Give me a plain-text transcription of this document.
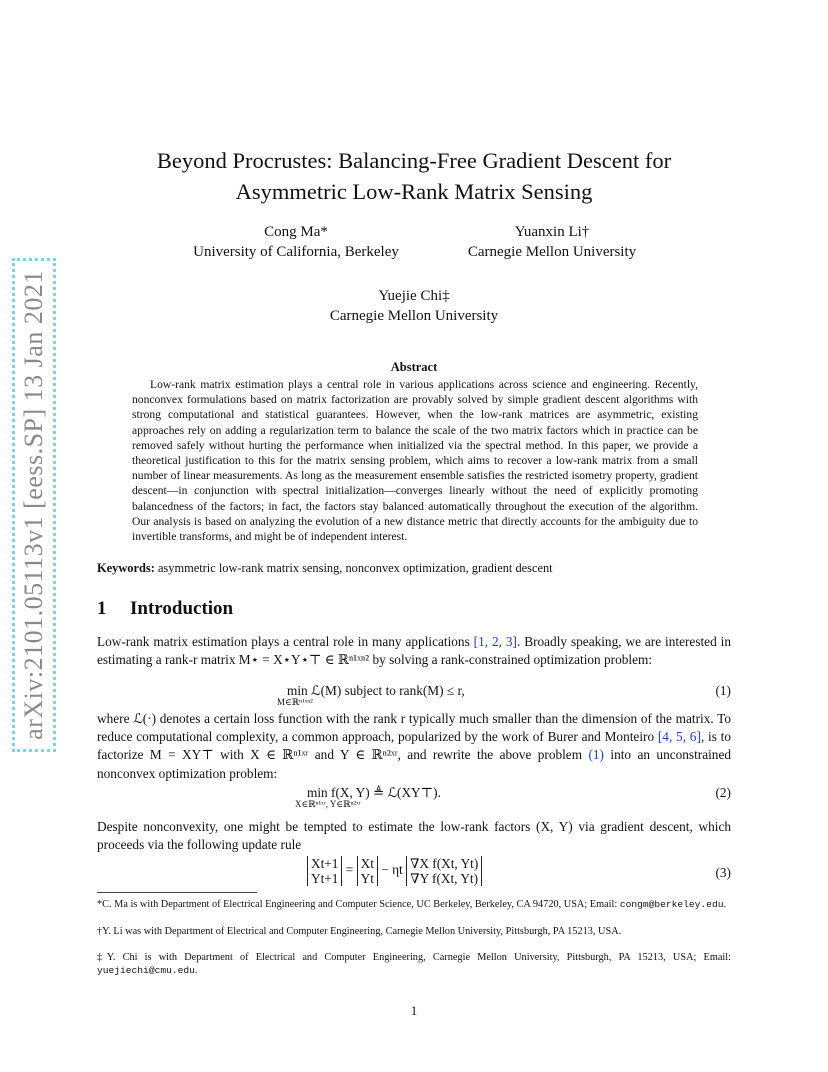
arXiv:2101.05113v1 [eess.SP] 13 Jan 2021
Beyond Procrustes: Balancing-Free Gradient Descent for
Asymmetric Low-Rank Matrix Sensing
Cong Ma*
University of California, Berkeley
Yuanxin Li†
Carnegie Mellon University
Yuejie Chi‡
Carnegie Mellon University
Abstract
Low-rank matrix estimation plays a central role in various applications across science and engineering. Recently, nonconvex formulations based on matrix factorization are provably solved by simple gradient descent algorithms with strong computational and statistical guarantees. However, when the low-rank matrices are asymmetric, existing approaches rely on adding a regularization term to balance the scale of the two matrix factors which in practice can be removed safely without hurting the performance when initialized via the spectral method. In this paper, we provide a theoretical justification to this for the matrix sensing problem, which aims to recover a low-rank matrix from a small number of linear measurements. As long as the measurement ensemble satisfies the restricted isometry property, gradient descent—in conjunction with spectral initialization—converges linearly without the need of explicitly promoting balancedness of the factors; in fact, the factors stay balanced automatically throughout the execution of the algorithm. Our analysis is based on analyzing the evolution of a new distance metric that directly accounts for the ambiguity due to invertible transforms, and might be of independent interest.
Keywords: asymmetric low-rank matrix sensing, nonconvex optimization, gradient descent
1 Introduction
Low-rank matrix estimation plays a central role in many applications [1, 2, 3]. Broadly speaking, we are interested in estimating a rank-r matrix M⋆ = X⋆Y⋆⊤ ∈ ℝⁿ¹ˣⁿ² by solving a rank-constrained optimization problem:
min ℒ(M) subject to rank(M) ≤ r,
M∈ℝⁿ¹ˣⁿ²
(1)
where ℒ(·) denotes a certain loss function with the rank r typically much smaller than the dimension of the matrix. To reduce computational complexity, a common approach, popularized by the work of Burer and Monteiro [4, 5, 6], is to factorize M = XY⊤ with X ∈ ℝⁿ¹ˣʳ and Y ∈ ℝⁿ²ˣʳ, and rewrite the above problem (1) into an unconstrained nonconvex optimization problem:
min f(X, Y) ≜ ℒ(XY⊤).
X∈ℝⁿ¹ˣʳ, Y∈ℝⁿ²ˣʳ
(2)
Despite nonconvexity, one might be tempted to estimate the low-rank factors (X, Y) via gradient descent, which proceeds via the following update rule
Xt+1
Yt+1 = Xt
Yt − ηt ∇X f(Xt, Yt)
∇Y f(Xt, Yt)	(3)
*C. Ma is with Department of Electrical Engineering and Computer Science, UC Berkeley, Berkeley, CA 94720, USA; Email: congm@berkeley.edu.
†Y. Li was with Department of Electrical and Computer Engineering, Carnegie Mellon University, Pittsburgh, PA 15213, USA.
‡Y. Chi is with Department of Electrical and Computer Engineering, Carnegie Mellon University, Pittsburgh, PA 15213, USA; Email: yuejiechi@cmu.edu.
1
